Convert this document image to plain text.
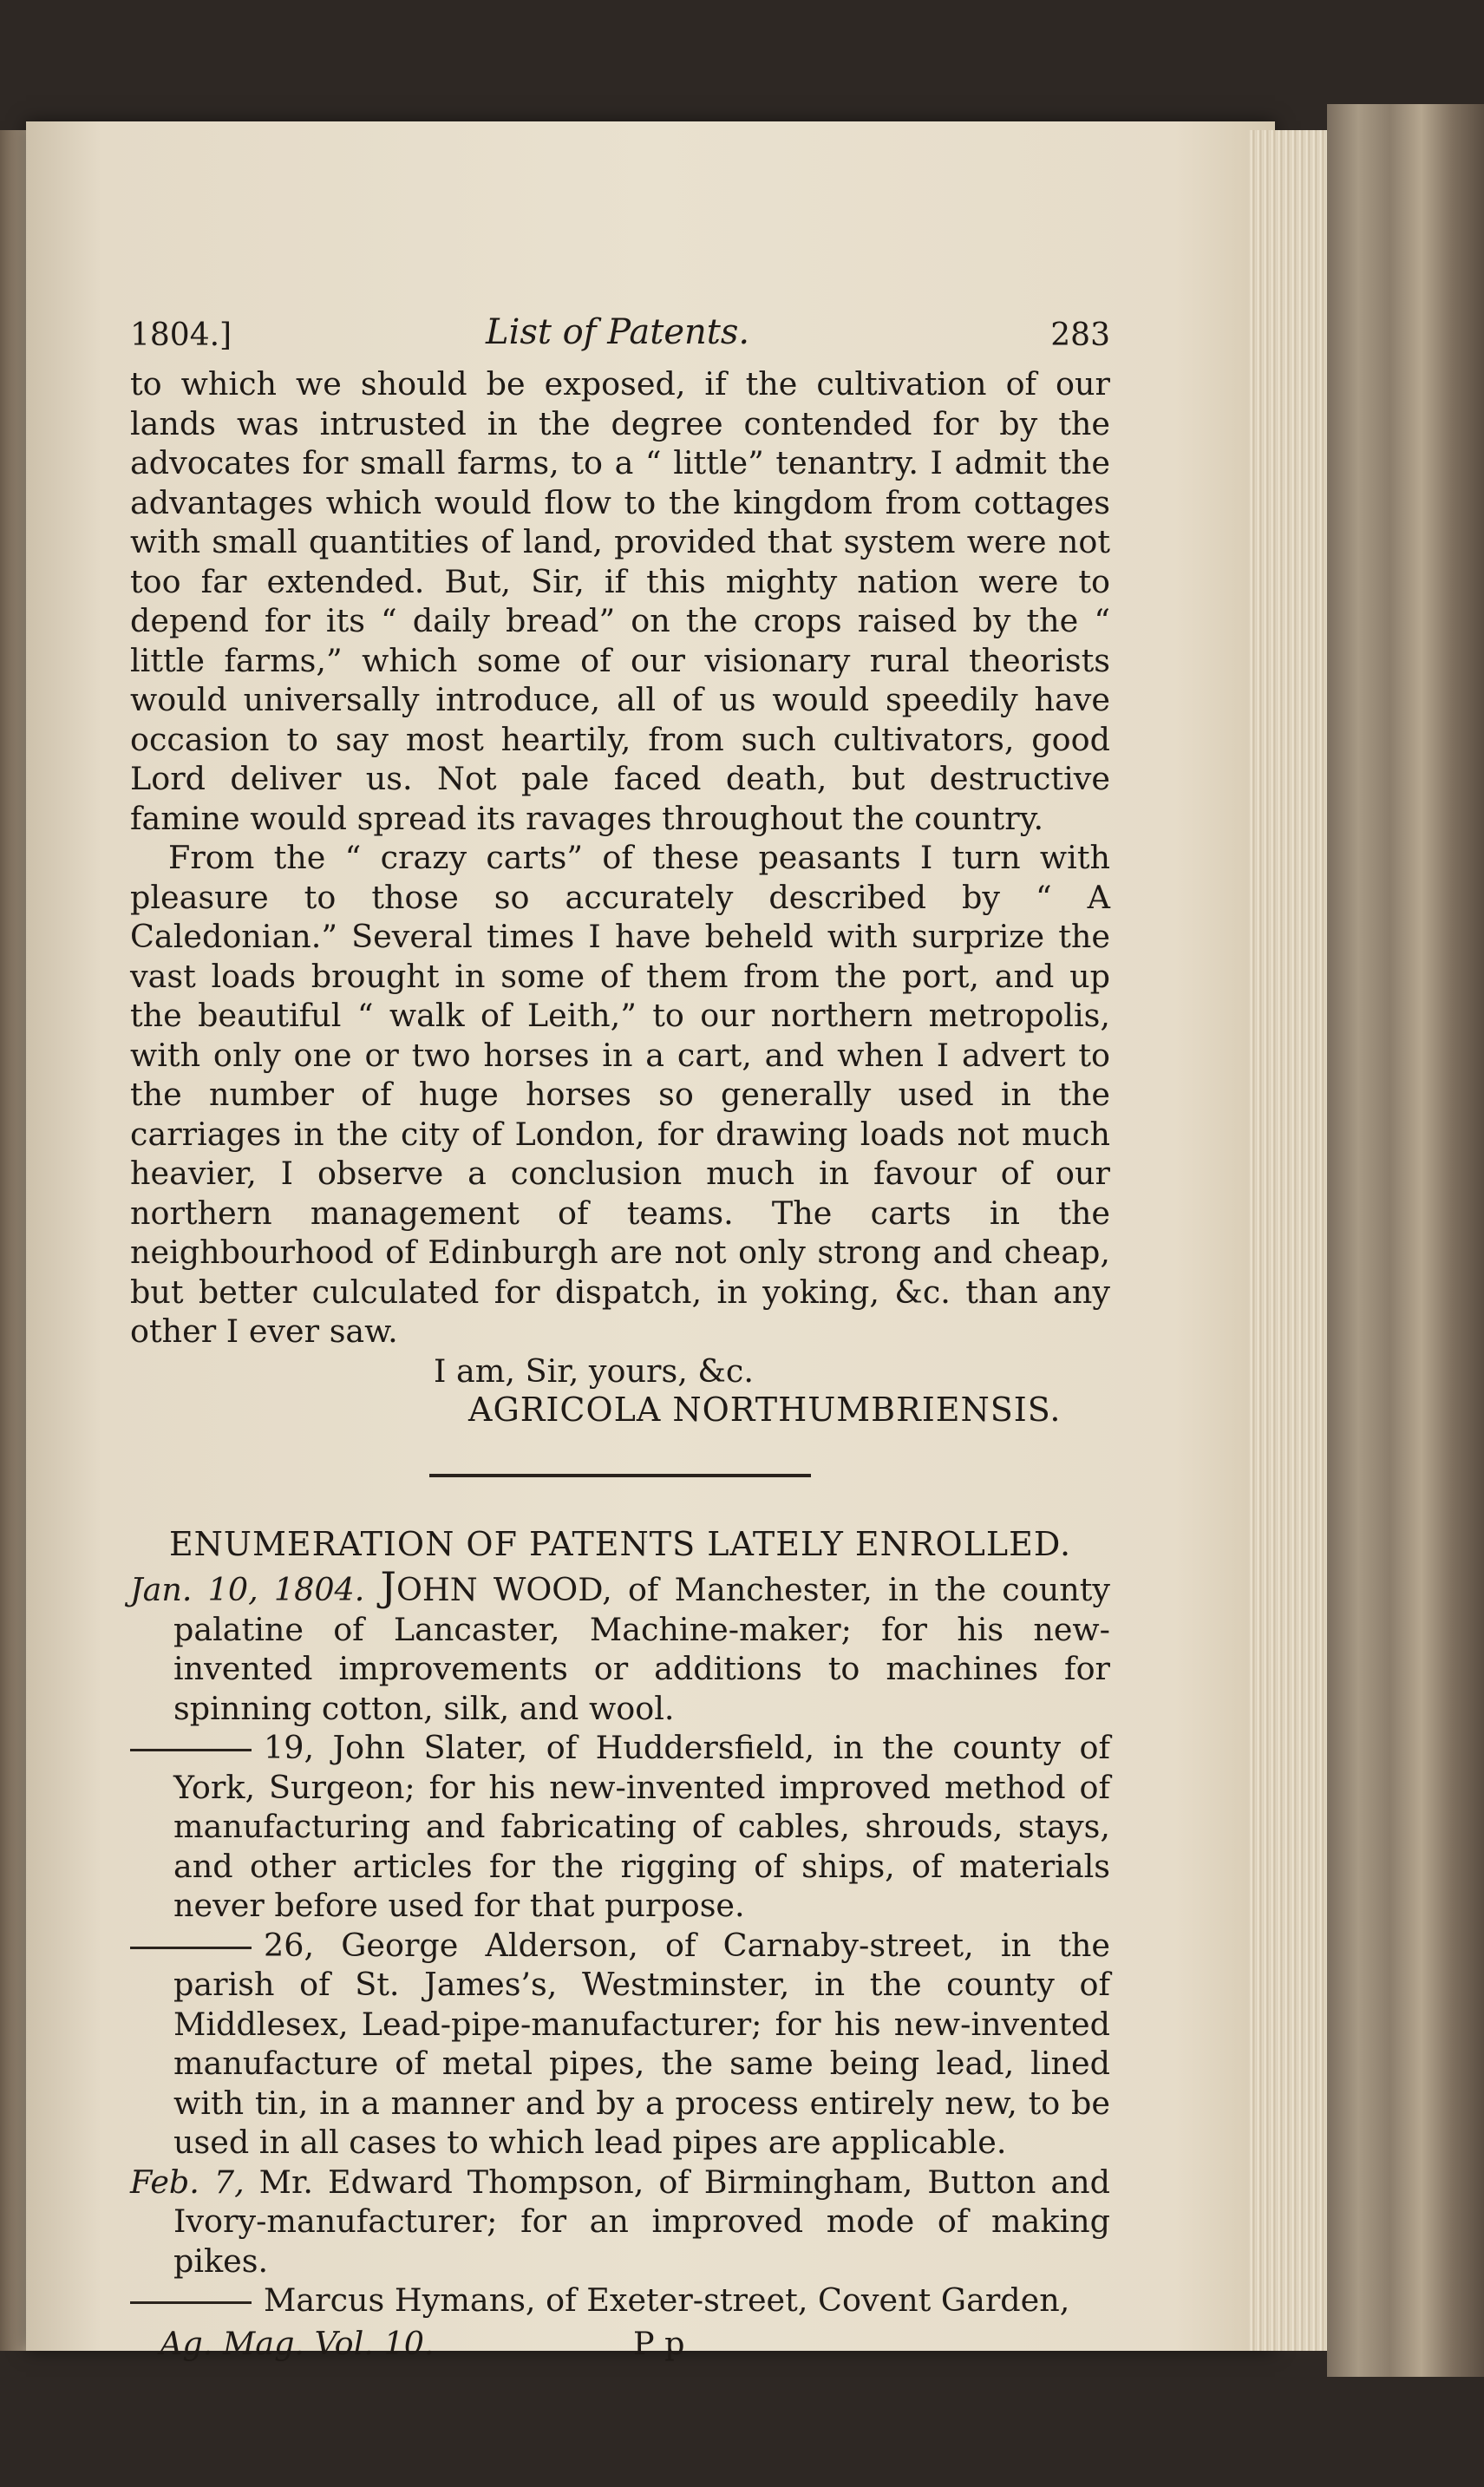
1804.]	List of Patents.	283

to which we should be exposed, if the cultivation of our lands was intrusted in the degree contended for by the advocates for small farms, to a “ little” tenantry. I admit the advantages which would flow to the kingdom from cottages with small quantities of land, provided that system were not too far extended. But, Sir, if this mighty nation were to depend for its “ daily bread” on the crops raised by the “ little farms,” which some of our visionary rural theorists would universally introduce, all of us would speedily have occasion to say most heartily, from such cultivators, good Lord deliver us. Not pale faced death, but destructive famine would spread its ravages throughout the country.

From the “ crazy carts” of these peasants I turn with pleasure to those so accurately described by “ A Caledonian.” Several times I have beheld with surprize the vast loads brought in some of them from the port, and up the beautiful “ walk of Leith,” to our northern metropolis, with only one or two horses in a cart, and when I advert to the number of huge horses so generally used in the carriages in the city of London, for drawing loads not much heavier, I observe a conclusion much in favour of our northern management of teams. The carts in the neighbourhood of Edinburgh are not only strong and cheap, but better culculated for dispatch, in yoking, &c. than any other I ever saw.

I am, Sir, yours, &c.
AGRICOLA NORTHUMBRIENSIS.
ENUMERATION OF PATENTS LATELY ENROLLED.

Jan. 10, 1804. JOHN WOOD, of Manchester, in the county palatine of Lancaster, Machine-maker; for his new-invented improvements or additions to machines for spinning cotton, silk, and wool.

19, John Slater, of Huddersfield, in the county of York, Surgeon; for his new-invented improved method of manufacturing and fabricating of cables, shrouds, stays, and other articles for the rigging of ships, of materials never before used for that purpose.

26, George Alderson, of Carnaby-street, in the parish of St. James’s, Westminster, in the county of Middlesex, Lead-pipe-manufacturer; for his new-invented manufacture of metal pipes, the same being lead, lined with tin, in a manner and by a process entirely new, to be used in all cases to which lead pipes are applicable.

Feb. 7, Mr. Edward Thompson, of Birmingham, Button and Ivory-manufacturer; for an improved mode of making pikes.

Marcus Hymans, of Exeter-street, Covent Garden,

Ag. Mag. Vol. 10.	P p
